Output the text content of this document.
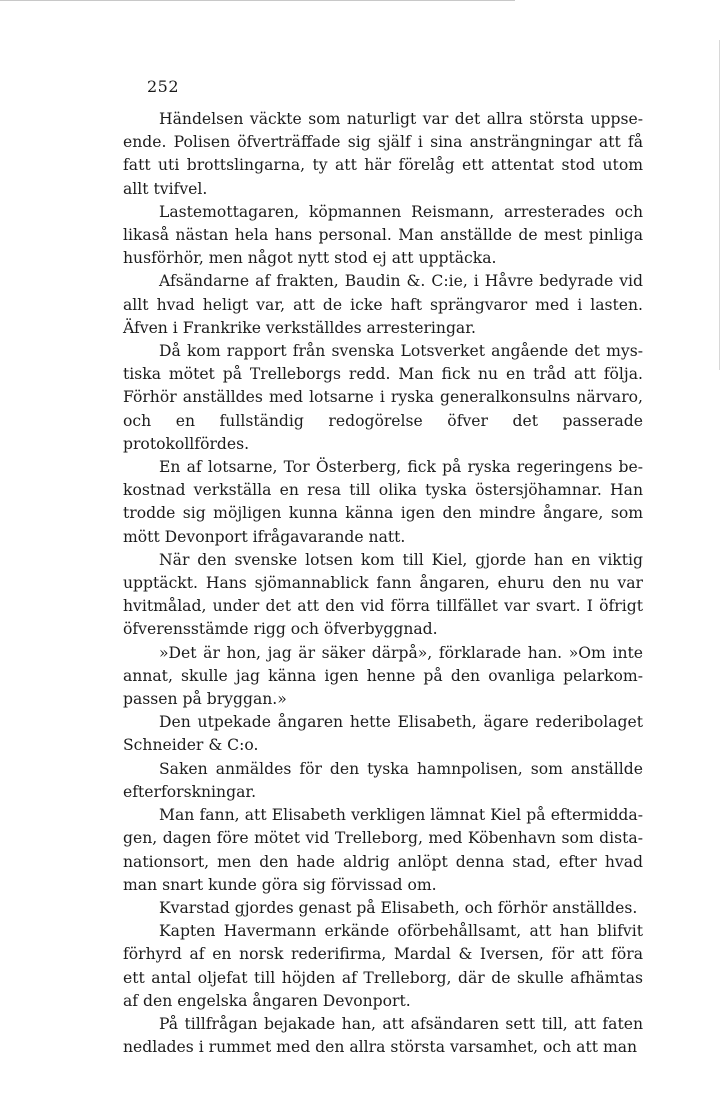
252

Händelsen väckte som naturligt var det allra största uppseende. Polisen öfverträffade sig själf i sina ansträngningar att få fatt uti brottslingarna, ty att här förelåg ett attentat stod utom allt tvifvel.

Lastemottagaren, köpmannen Reismann, arresterades och likaså nästan hela hans personal. Man anställde de mest pinliga husförhör, men något nytt stod ej att upptäcka.

Afsändarne af frakten, Baudin &. C:ie, i Håvre bedyrade vid allt hvad heligt var, att de icke haft sprängvaror med i lasten. Äfven i Frankrike verkställdes arresteringar.

Då kom rapport från svenska Lotsverket angående det mystiska mötet på Trelleborgs redd. Man fick nu en tråd att följa. Förhör anställdes med lotsarne i ryska generalkonsulns närvaro, och en fullständig redogörelse öfver det passerade protokollfördes.

En af lotsarne, Tor Österberg, fick på ryska regeringens bekostnad verkställa en resa till olika tyska östersjöhamnar. Han trodde sig möjligen kunna känna igen den mindre ångare, som mött Devonport ifrågavarande natt.

När den svenske lotsen kom till Kiel, gjorde han en viktig upptäckt. Hans sjömannablick fann ångaren, ehuru den nu var hvitmålad, under det att den vid förra tillfället var svart. I öfrigt öfverensstämde rigg och öfverbyggnad.

»Det är hon, jag är säker därpå», förklarade han. »Om inte annat, skulle jag känna igen henne på den ovanliga pelarkompassen på bryggan.»

Den utpekade ångaren hette Elisabeth, ägare rederibolaget Schneider & C:o.

Saken anmäldes för den tyska hamnpolisen, som anställde efterforskningar.

Man fann, att Elisabeth verkligen lämnat Kiel på eftermiddagen, dagen före mötet vid Trelleborg, med Köbenhavn som distanationsort, men den hade aldrig anlöpt denna stad, efter hvad man snart kunde göra sig förvissad om.

Kvarstad gjordes genast på Elisabeth, och förhör anställdes.

Kapten Havermann erkände oförbehållsamt, att han blifvit förhyrd af en norsk rederifirma, Mardal & Iversen, för att föra ett antal oljefat till höjden af Trelleborg, där de skulle afhämtas af den engelska ångaren Devonport.

På tillfrågan bejakade han, att afsändaren sett till, att faten nedlades i rummet med den allra största varsamhet, och att man
